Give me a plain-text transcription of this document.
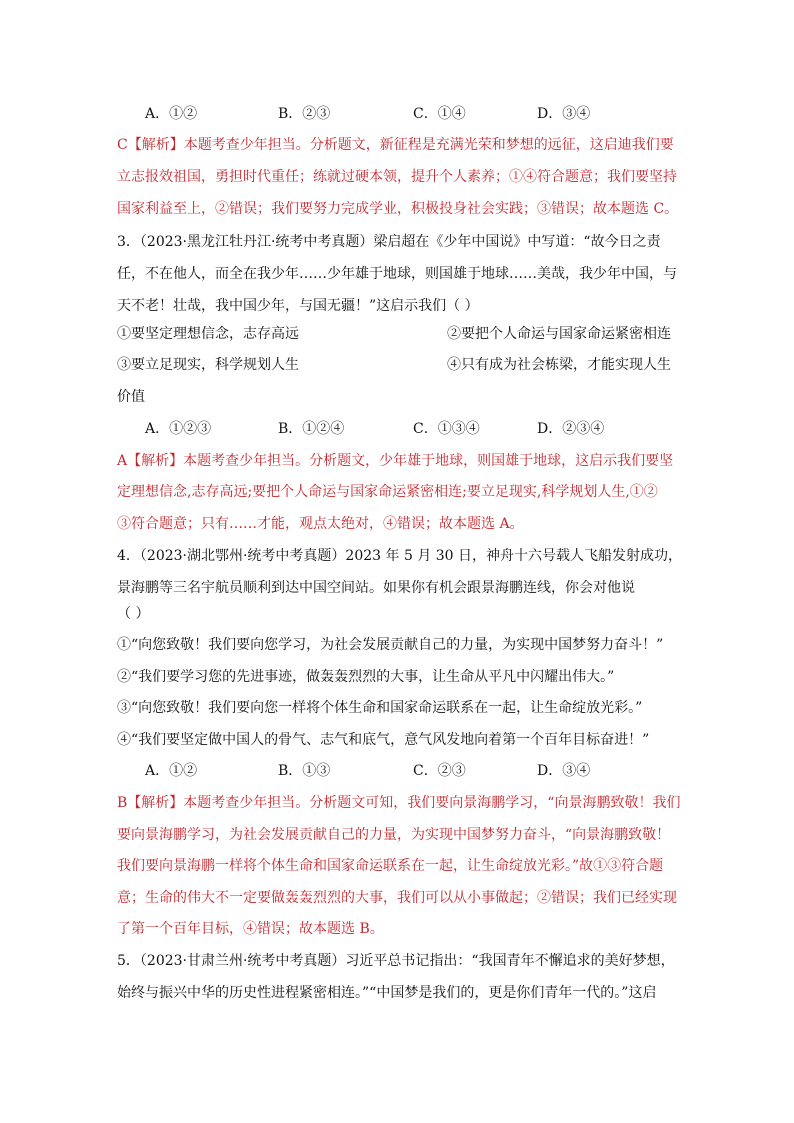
A．①②	B．②③	C．①④	D．③④
C【解析】本题考查少年担当。分析题文，新征程是充满光荣和梦想的远征，这启迪我们要
立志报效祖国，勇担时代重任；练就过硬本领，提升个人素养；①④符合题意；我们要坚持
国家利益至上，②错误；我们要努力完成学业，积极投身社会实践；③错误；故本题选 C。
3．（2023·黑龙江牡丹江·统考中考真题）梁启超在《少年中国说》中写道：“故今日之责
任，不在他人，而全在我少年……少年雄于地球，则国雄于地球……美哉，我少年中国，与
天不老！壮哉，我中国少年，与国无疆！”这启示我们（ ）
①要坚定理想信念，志存高远	②要把个人命运与国家命运紧密相连
③要立足现实，科学规划人生	④只有成为社会栋梁，才能实现人生
价值
A．①②③	B．①②④	C．①③④	D．②③④
A【解析】本题考查少年担当。分析题文，少年雄于地球，则国雄于地球，这启示我们要坚
定理想信念,志存高远;要把个人命运与国家命运紧密相连;要立足现实,科学规划人生,①②
③符合题意；只有……才能，观点太绝对，④错误；故本题选 A。
4．（2023·湖北鄂州·统考中考真题）2023 年 5 月 30 日，神舟十六号载人飞船发射成功，
景海鹏等三名宇航员顺利到达中国空间站。如果你有机会跟景海鹏连线，你会对他说
（ ）
①“向您致敬！我们要向您学习，为社会发展贡献自己的力量，为实现中国梦努力奋斗！”
②“我们要学习您的先进事迹，做轰轰烈烈的大事，让生命从平凡中闪耀出伟大。”
③“向您致敬！我们要向您一样将个体生命和国家命运联系在一起，让生命绽放光彩。”
④“我们要坚定做中国人的骨气、志气和底气，意气风发地向着第一个百年目标奋进！”
A．①②	B．①③	C．②③	D．③④
B【解析】本题考查少年担当。分析题文可知，我们要向景海鹏学习，“向景海鹏致敬！我们
要向景海鹏学习，为社会发展贡献自己的力量，为实现中国梦努力奋斗，“向景海鹏致敬！
我们要向景海鹏一样将个体生命和国家命运联系在一起，让生命绽放光彩。”故①③符合题
意；生命的伟大不一定要做轰轰烈烈的大事，我们可以从小事做起；②错误；我们已经实现
了第一个百年目标，④错误；故本题选 B。
5．（2023·甘肃兰州·统考中考真题）习近平总书记指出：“我国青年不懈追求的美好梦想，
始终与振兴中华的历史性进程紧密相连。”“中国梦是我们的，更是你们青年一代的。”这启
